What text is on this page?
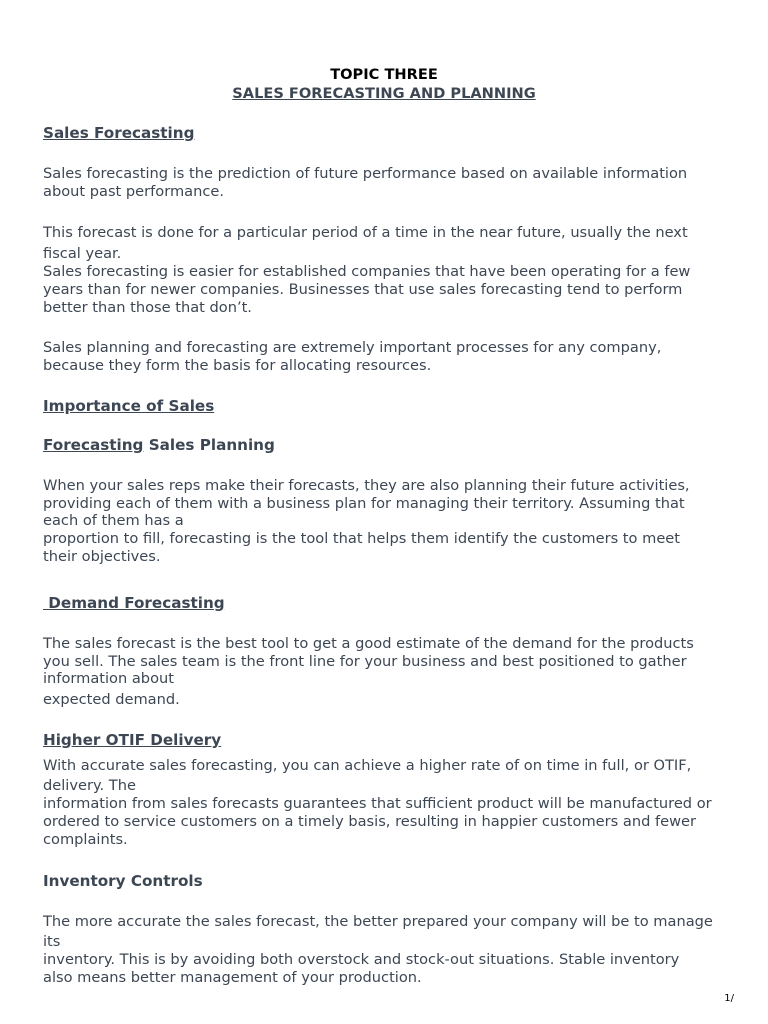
TOPIC THREE

SALES FORECASTING AND PLANNING

Sales Forecasting

Sales forecasting is the prediction of future performance based on available information

about past performance.

This forecast is done for a particular period of a time in the near future, usually the next

fiscal year.

Sales forecasting is easier for established companies that have been operating for a few

years than for newer companies. Businesses that use sales forecasting tend to perform

better than those that don’t.

Sales planning and forecasting are extremely important processes for any company,

because they form the basis for allocating resources.

Importance of Sales

Forecasting Sales Planning

When your sales reps make their forecasts, they are also planning their future activities,

providing each of them with a business plan for managing their territory. Assuming that

each of them has a

proportion to fill, forecasting is the tool that helps them identify the customers to meet

their objectives.

Demand Forecasting

The sales forecast is the best tool to get a good estimate of the demand for the products

you sell. The sales team is the front line for your business and best positioned to gather

information about

expected demand.

Higher OTIF Delivery

With accurate sales forecasting, you can achieve a higher rate of on time in full, or OTIF,

delivery. The

information from sales forecasts guarantees that sufficient product will be manufactured or

ordered to service customers on a timely basis, resulting in happier customers and fewer

complaints.

Inventory Controls

The more accurate the sales forecast, the better prepared your company will be to manage

its

inventory. This is by avoiding both overstock and stock-out situations. Stable inventory

also means better management of your production.

1/
